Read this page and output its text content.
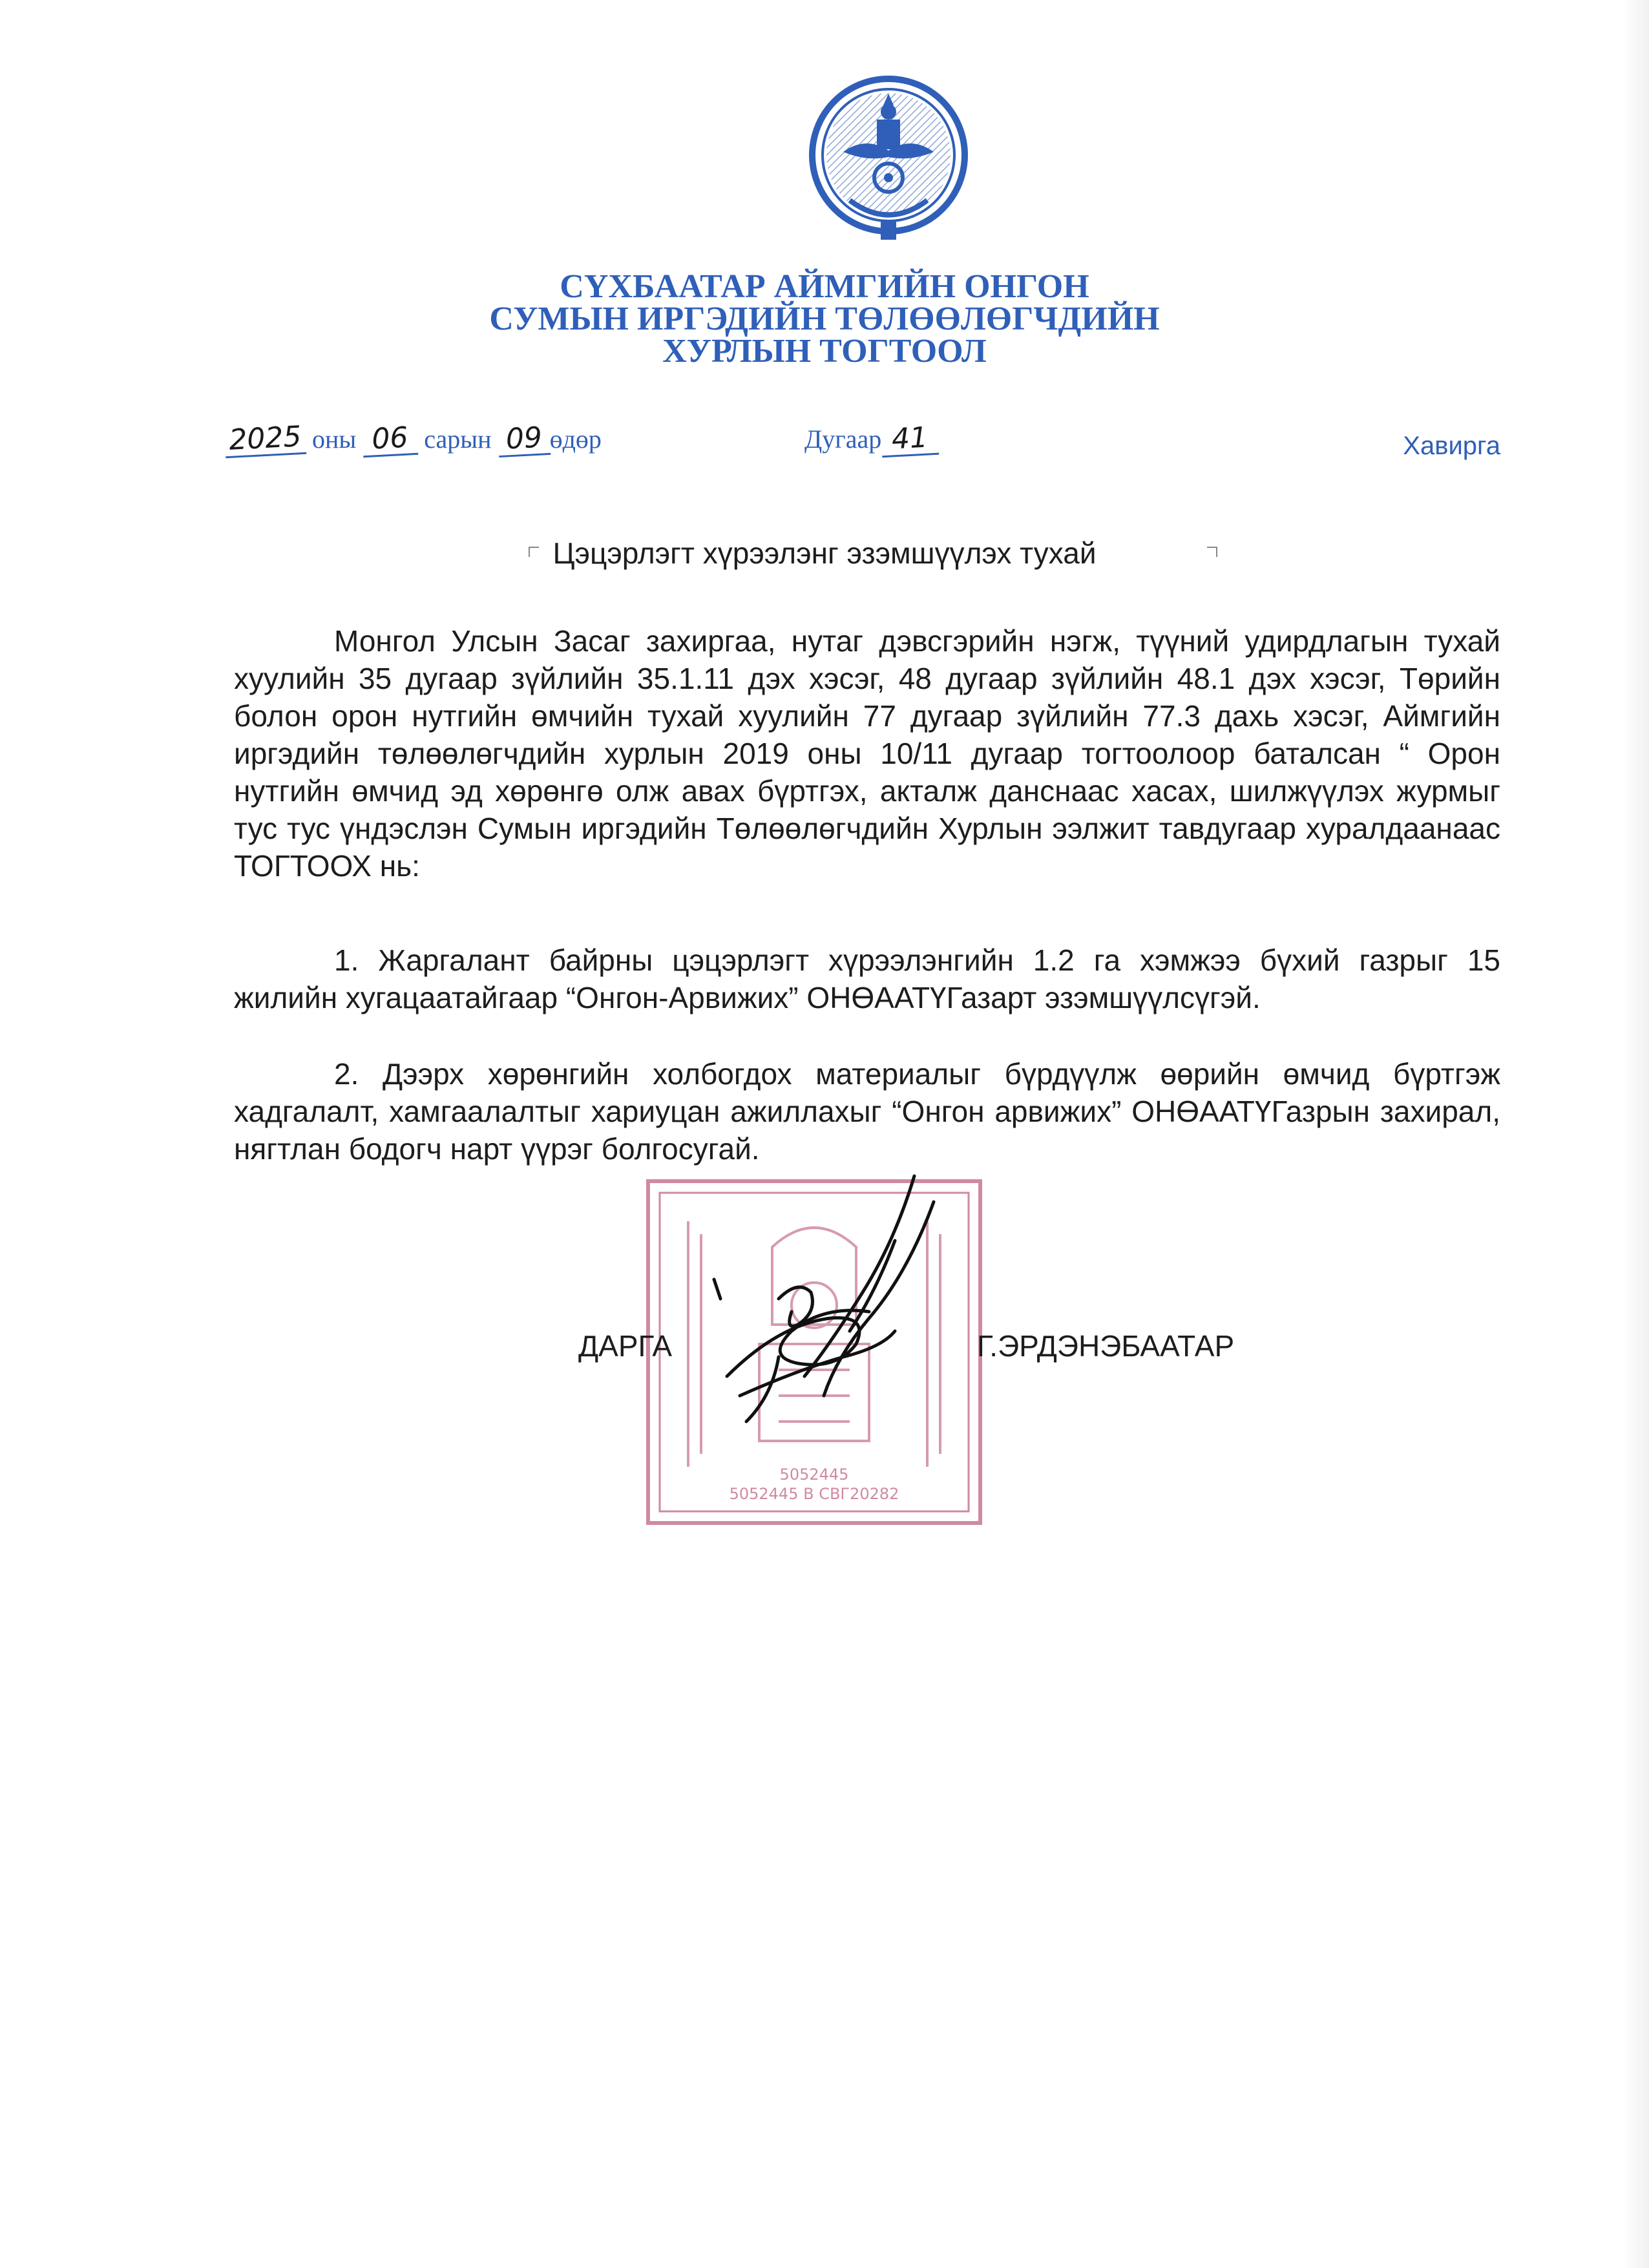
СҮХБААТАР АЙМГИЙН ОНГОН
СУМЫН ИРГЭДИЙН ТӨЛӨӨЛӨГЧДИЙН
ХУРЛЫН ТОГТООЛ
2025 оны 06 сарын 09 өдөр	Дугаар 41	Хавирга
Цэцэрлэгт хүрээлэнг эзэмшүүлэх тухай

Монгол Улсын Засаг захиргаа, нутаг дэвсгэрийн нэгж, түүний удирдлагын тухай хуулийн 35 дугаар зүйлийн 35.1.11 дэх хэсэг, 48 дугаар зүйлийн 48.1 дэх хэсэг, Төрийн болон орон нутгийн өмчийн тухай хуулийн 77 дугаар зүйлийн 77.3 дахь хэсэг, Аймгийн иргэдийн төлөөлөгчдийн хурлын 2019 оны 10/11 дугаар тогтоолоор баталсан “ Орон нутгийн өмчид эд хөрөнгө олж авах бүртгэх, акталж данснаас хасах, шилжүүлэх журмыг тус тус үндэслэн Сумын иргэдийн Төлөөлөгчдийн Хурлын ээлжит тавдугаар хуралдаанаас ТОГТООХ нь:

1. Жаргалант байрны цэцэрлэгт хүрээлэнгийн 1.2 га хэмжээ бүхий газрыг 15 жилийн хугацаатайгаар “Онгон-Арвижих” ОНӨААТҮГазарт эзэмшүүлсүгэй.

2. Дээрх хөрөнгийн холбогдох материалыг бүрдүүлж өөрийн өмчид бүртгэж хадгалалт, хамгаалалтыг хариуцан ажиллахыг “Онгон арвижих” ОНӨААТҮГазрын захирал, нягтлан бодогч нарт үүрэг болгосугай.

5052445
5052445 В СВГ20282
ДАРГА	Г.ЭРДЭНЭБААТАР
